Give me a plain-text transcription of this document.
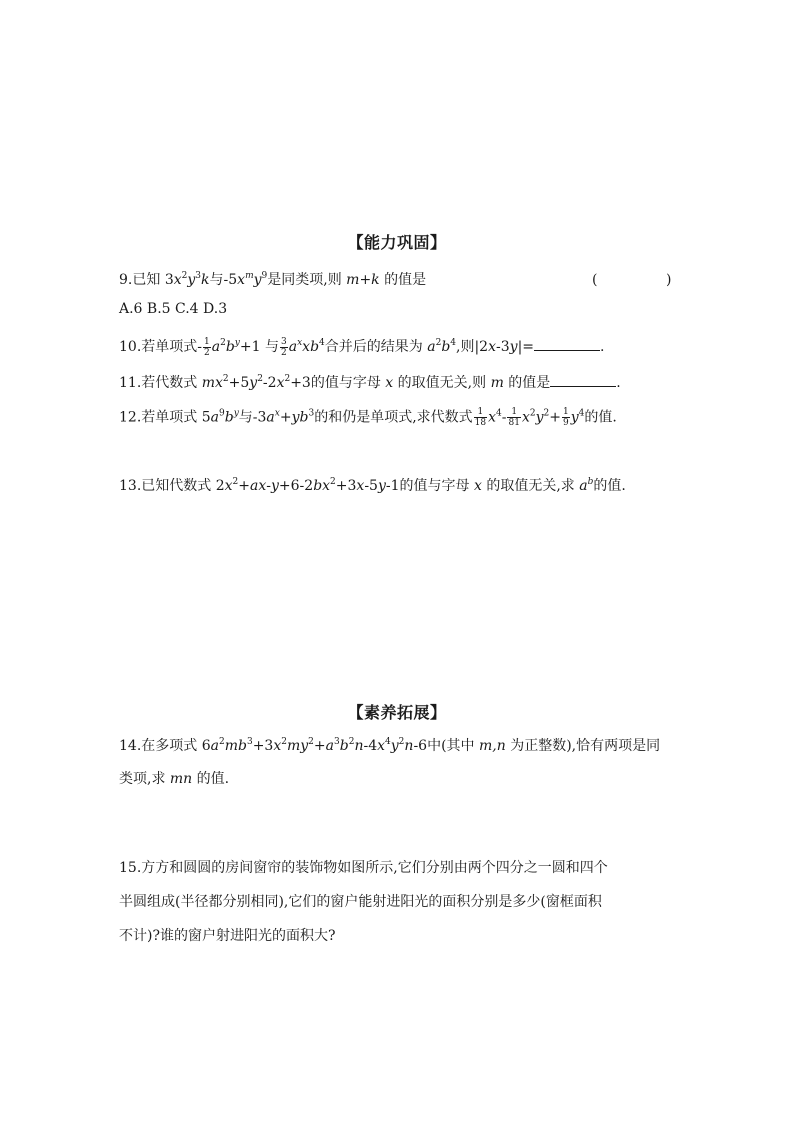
【能力巩固】
9.已知 $3x^2y^3k$与$-5x^my^9$是同类项,则 m+k 的值是	(	)
A.6 B.5 C.4 D.3
10.若单项式- $\frac{1}{2} a^2b^y+1$ 与 $\frac{3}{2} a^xxb^4$合并后的结果为 $a^2b^4$,则|2x-3y|=	.
11.若代数式 $mx^2+5y^2-2x^2+3$的值与字母 x 的取值无关,则 m 的值是	.
12.若单项式 $5a^9b^y$与$-3a^x+yb^3$的和仍是单项式,求代数式 $\frac{1}{18} x^4- \frac{1}{81} x^2y^2+ \frac{1}{9} y^4$的值.
13.已知代数式 $2x^2+ax-y+6-2bx^2+3x-5y-1$的值与字母 x 的取值无关,求 $a^b$的值.
【素养拓展】
14.在多项式 $6a^2mb^3+3x^2my^2+a^3b^2n-4x^4y^2n-6$中(其中 m,n 为正整数),恰有两项是同
类项,求 mn 的值.
15.方方和圆圆的房间窗帘的装饰物如图所示,它们分别由两个四分之一圆和四个
半圆组成(半径都分别相同),它们的窗户能射进阳光的面积分别是多少(窗框面积
不计)?谁的窗户射进阳光的面积大?
